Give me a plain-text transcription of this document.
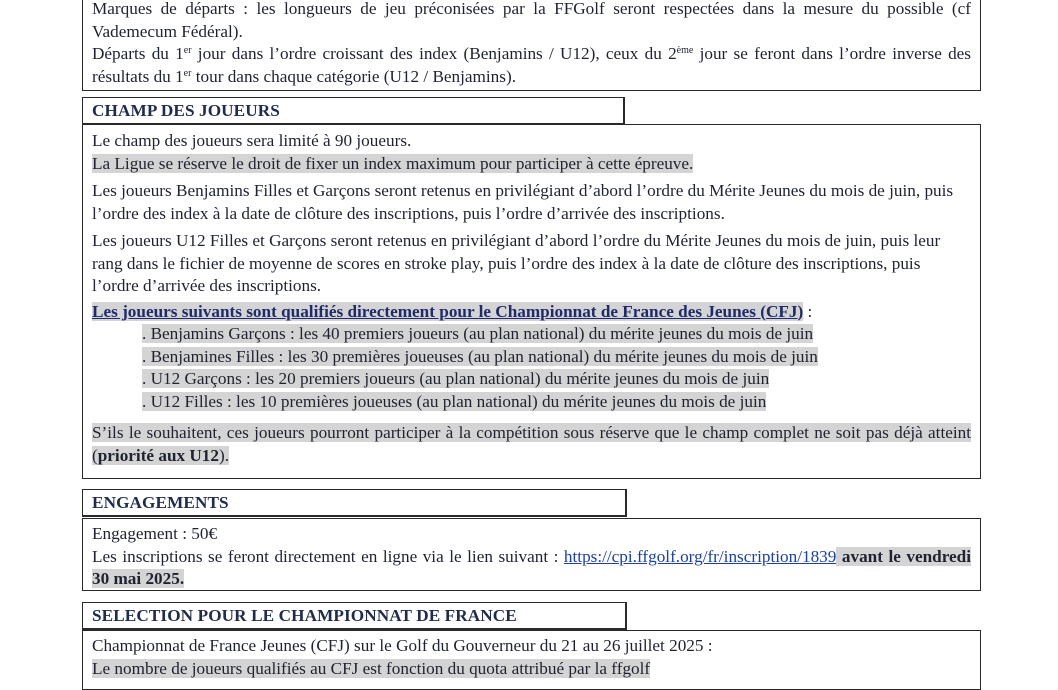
Marques de départs : les longueurs de jeu préconisées par la FFGolf seront respectées dans la mesure du possible (cf Vademecum Fédéral).

Départs du 1er jour dans l’ordre croissant des index (Benjamins / U12), ceux du 2ème jour se feront dans l’ordre inverse des résultats du 1er tour dans chaque catégorie (U12 / Benjamins).

CHAMP DES JOUEURS

Le champ des joueurs sera limité à 90 joueurs.

La Ligue se réserve le droit de fixer un index maximum pour participer à cette épreuve.

Les joueurs Benjamins Filles et Garçons seront retenus en privilégiant d’abord l’ordre du Mérite Jeunes du mois de juin, puis l’ordre des index à la date de clôture des inscriptions, puis l’ordre d’arrivée des inscriptions.

Les joueurs U12 Filles et Garçons seront retenus en privilégiant d’abord l’ordre du Mérite Jeunes du mois de juin, puis leur rang dans le fichier de moyenne de scores en stroke play, puis l’ordre des index à la date de clôture des inscriptions, puis l’ordre d’arrivée des inscriptions.

Les joueurs suivants sont qualifiés directement pour le Championnat de France des Jeunes (CFJ) :

. Benjamins Garçons : les 40 premiers joueurs (au plan national) du mérite jeunes du mois de juin
. Benjamines Filles : les 30 premières joueuses (au plan national) du mérite jeunes du mois de juin
. U12 Garçons : les 20 premiers joueurs (au plan national) du mérite jeunes du mois de juin
. U12 Filles : les 10 premières joueuses (au plan national) du mérite jeunes du mois de juin

S’ils le souhaitent, ces joueurs pourront participer à la compétition sous réserve que le champ complet ne soit pas déjà atteint (priorité aux U12).

ENGAGEMENTS

Engagement : 50€

Les inscriptions se feront directement en ligne via le lien suivant : https://cpi.ffgolf.org/fr/inscription/1839 avant le vendredi 30 mai 2025.

SELECTION POUR LE CHAMPIONNAT DE FRANCE

Championnat de France Jeunes (CFJ) sur le Golf du Gouverneur du 21 au 26 juillet 2025 :

Le nombre de joueurs qualifiés au CFJ est fonction du quota attribué par la ffgolf
